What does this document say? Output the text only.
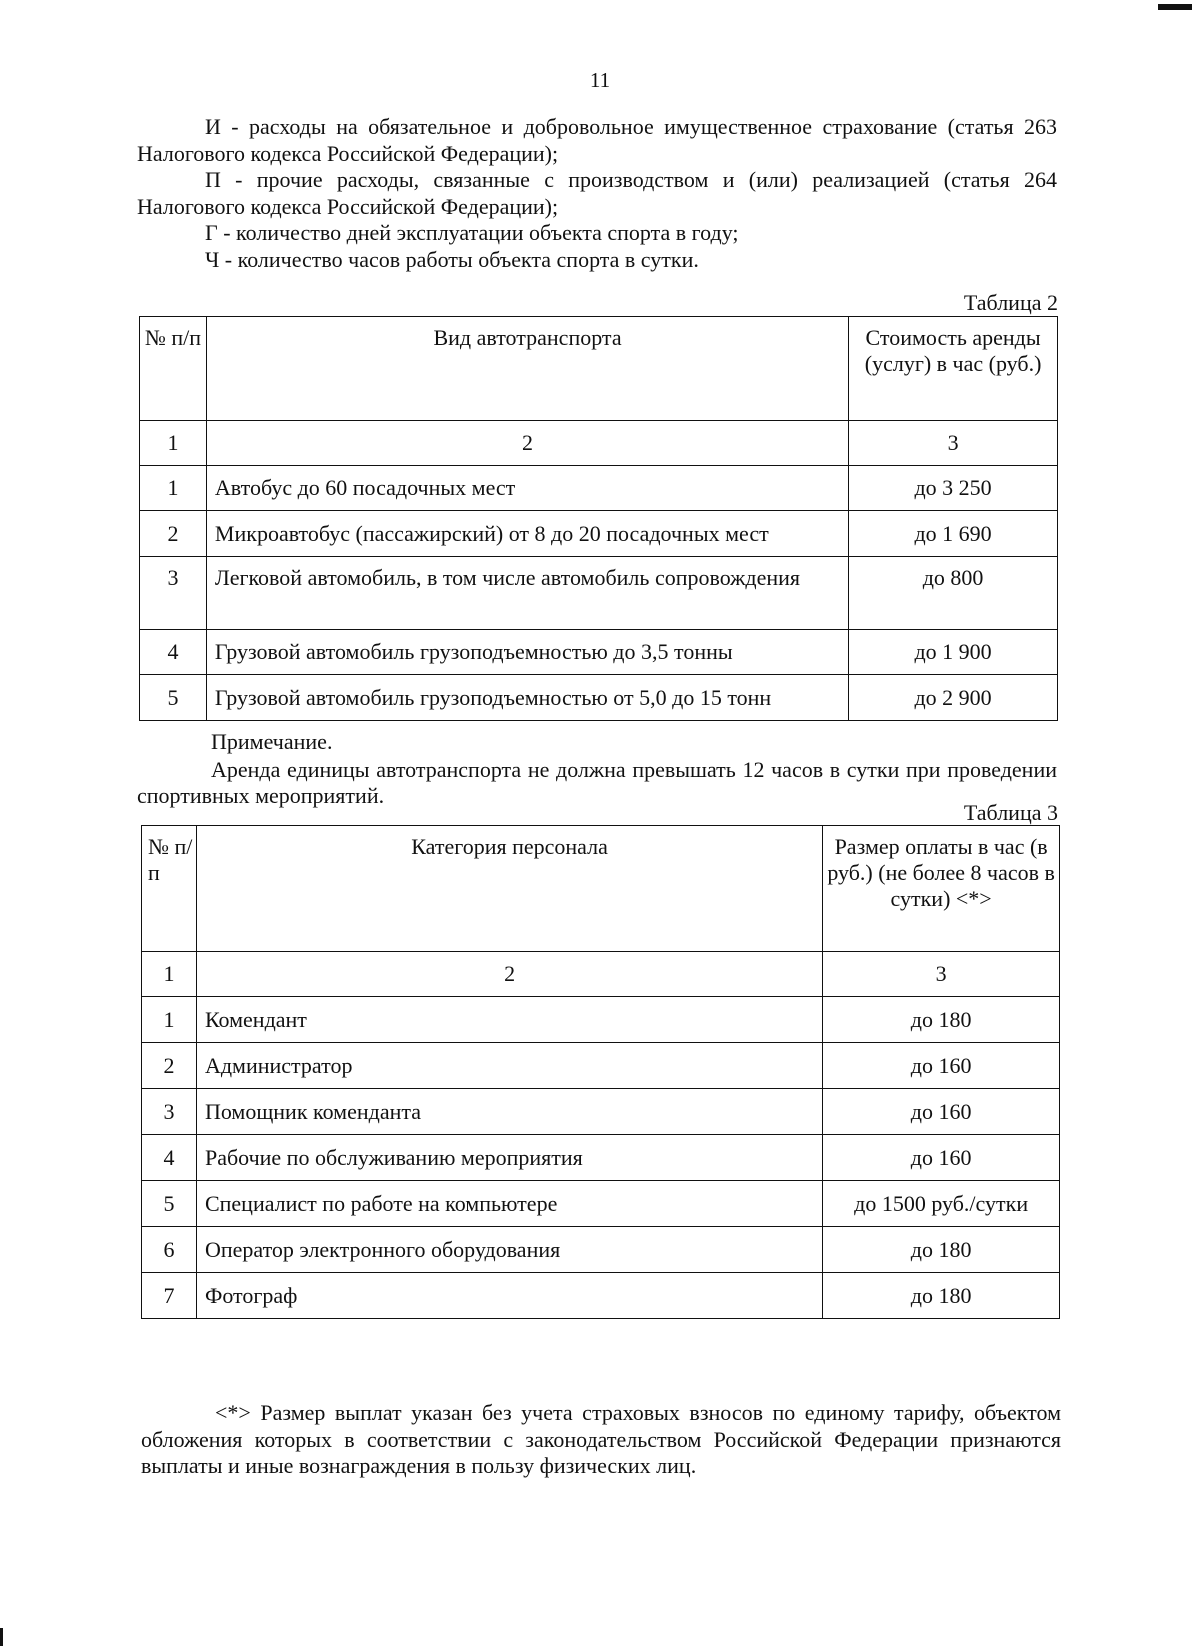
11

И - расходы на обязательное и добровольное имущественное страхование (статья 263 Налогового кодекса Российской Федерации);

П - прочие расходы, связанные с производством и (или) реализацией (статья 264 Налогового кодекса Российской Федерации);

Г - количество дней эксплуатации объекта спорта в году;

Ч - количество часов работы объекта спорта в сутки.

Таблица 2
№ п/п	Вид автотранспорта	Стоимость аренды (услуг) в час (руб.)
1	2	3
1	Автобус до 60 посадочных мест	до 3 250
2	Микроавтобус (пассажирский) от 8 до 20 посадочных мест	до 1 690
3	Легковой автомобиль, в том числе автомобиль сопровождения	до 800
4	Грузовой автомобиль грузоподъемностью до 3,5 тонны	до 1 900
5	Грузовой автомобиль грузоподъемностью от 5,0 до 15 тонн	до 2 900
Примечание.

Аренда единицы автотранспорта не должна превышать 12 часов в сутки при проведении спортивных мероприятий.

Таблица 3
№ п/п	Категория персонала	Размер оплаты в час (в руб.) (не более 8 часов в сутки) <*>
1	2	3
1	Комендант	до 180
2	Администратор	до 160
3	Помощник коменданта	до 160
4	Рабочие по обслуживанию мероприятия	до 160
5	Специалист по работе на компьютере	до 1500 руб./сутки
6	Оператор электронного оборудования	до 180
7	Фотограф	до 180

<*> Размер выплат указан без учета страховых взносов по единому тарифу, объектом обложения которых в соответствии с законодательством Российской Федерации признаются выплаты и иные вознаграждения в пользу физических лиц.
